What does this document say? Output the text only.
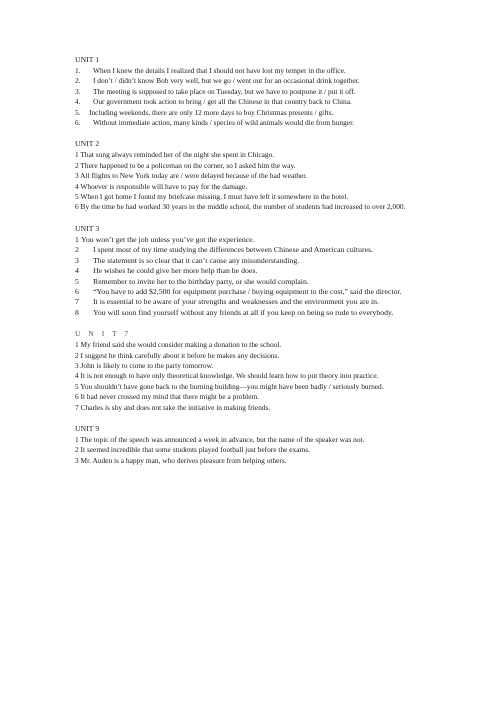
UNIT 1

1. When I knew the details I realized that I should not have lost my temper in the office.

2. I don’t / didn’t know Bob very well, but we go / went out for an occasional drink together.

3. The meeting is supposed to take place on Tuesday, but we have to postpone it / put it off.

4. Our government took action to bring / get all the Chinese in that country back to China.

5. Including weekends, there are only 12 more days to buy Christmas presents / gifts.

6. Without immediate action, many kinds / species of wild animals would die from hunger.

UNIT 2

1 That song always reminded her of the night she spent in Chicago.

2 There happened to be a policeman on the corner, so I asked him the way.

3 All flights to New York today are / were delayed because of the bad weather.

4 Whoever is responsible will have to pay for the damage.

5 When I got home I found my briefcase missing. I must have left it somewhere in the hotel.

6 By the time he had worked 30 years in the middle school, the number of students had increased to over 2,000.

UNIT 3

1 You won’t get the job unless you’ve got the experience.

2 I spent most of my time studying the differences between Chinese and American cultures.

3 The statement is so clear that it can’t cause any misunderstanding.

4 He wishes he could give her more help than he does.

5 Remember to invite her to the birthday party, or she would complain.

6 “You have to add $2,500 for equipment purchase / buying equipment to the cost,” said the director.

7 It is essential to be aware of your strengths and weaknesses and the environment you are in.

8 You will soon find yourself without any friends at all if you keep on being so rude to everybody.

U N I T 7

1 My friend said she would consider making a donation to the school.

2 I suggest he think carefully about it before he makes any decisions.

3 John is likely to come to the party tomorrow.

4 It is not enough to have only theoretical knowledge. We should learn how to put theory into practice.

5 You shouldn’t have gone back to the burning building—you might have been badly / seriously burned.

6 It had never crossed my mind that there might be a problem.

7 Charles is shy and does not take the initiative in making friends.

UNIT 9

1 The topic of the speech was announced a week in advance, but the name of the speaker was not.

2 It seemed incredible that some students played football just before the exams.

3 Mr. Auden is a happy man, who derives pleasure from helping others.
